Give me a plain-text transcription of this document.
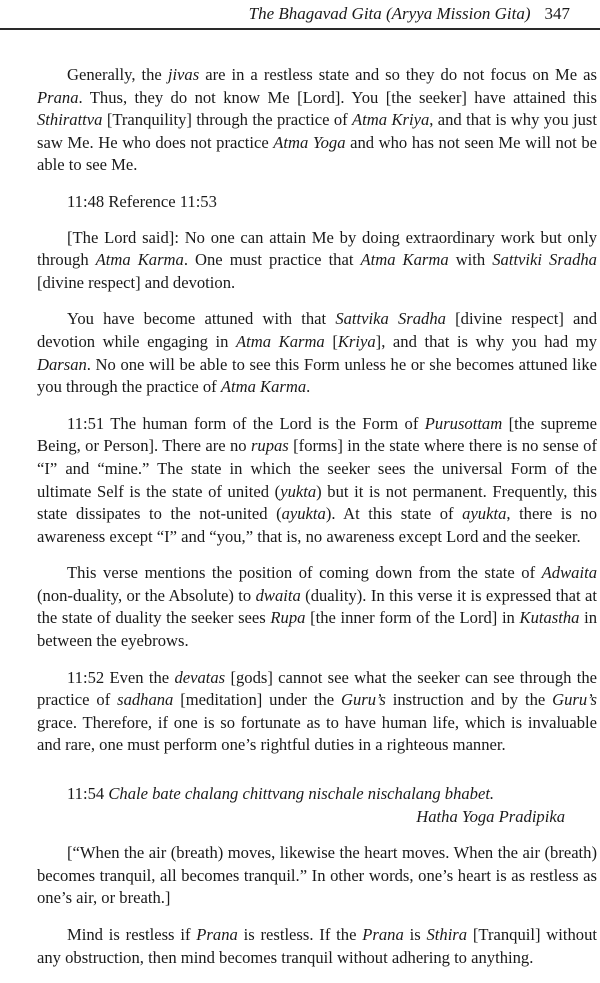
The Bhagavad Gita (Aryya Mission Gita) 347

Generally, the jivas are in a restless state and so they do not focus on Me as Prana. Thus, they do not know Me [Lord]. You [the seeker] have attained this Sthirattva [Tranquility] through the practice of Atma Kriya, and that is why you just saw Me. He who does not practice Atma Yoga and who has not seen Me will not be able to see Me.

11:48 Reference 11:53

[The Lord said]: No one can attain Me by doing extraordinary work but only through Atma Karma. One must practice that Atma Karma with Sattviki Sradha [divine respect] and devotion.

You have become attuned with that Sattvika Sradha [divine respect] and devotion while engaging in Atma Karma [Kriya], and that is why you had my Darsan. No one will be able to see this Form unless he or she becomes attuned like you through the practice of Atma Karma.

11:51 The human form of the Lord is the Form of Purusottam [the supreme Being, or Person]. There are no rupas [forms] in the state where there is no sense of “I” and “mine.” The state in which the seeker sees the universal Form of the ultimate Self is the state of united (yukta) but it is not permanent. Frequently, this state dissipates to the not-united (ayukta). At this state of ayukta, there is no awareness except “I” and “you,” that is, no awareness except Lord and the seeker.

This verse mentions the position of coming down from the state of Adwaita (non-duality, or the Absolute) to dwaita (duality). In this verse it is expressed that at the state of duality the seeker sees Rupa [the inner form of the Lord] in Kutastha in between the eyebrows.

11:52 Even the devatas [gods] cannot see what the seeker can see through the practice of sadhana [meditation] under the Guru’s instruction and by the Guru’s grace. Therefore, if one is so fortunate as to have human life, which is invaluable and rare, one must perform one’s rightful duties in a righteous manner.

11:54 Chale bate chalang chittvang nischale nischalang bhabet.

Hatha Yoga Pradipika

[“When the air (breath) moves, likewise the heart moves. When the air (breath) becomes tranquil, all becomes tranquil.” In other words, one’s heart is as restless as one’s air, or breath.]

Mind is restless if Prana is restless. If the Prana is Sthira [Tranquil] without any obstruction, then mind becomes tranquil without adhering to anything.
